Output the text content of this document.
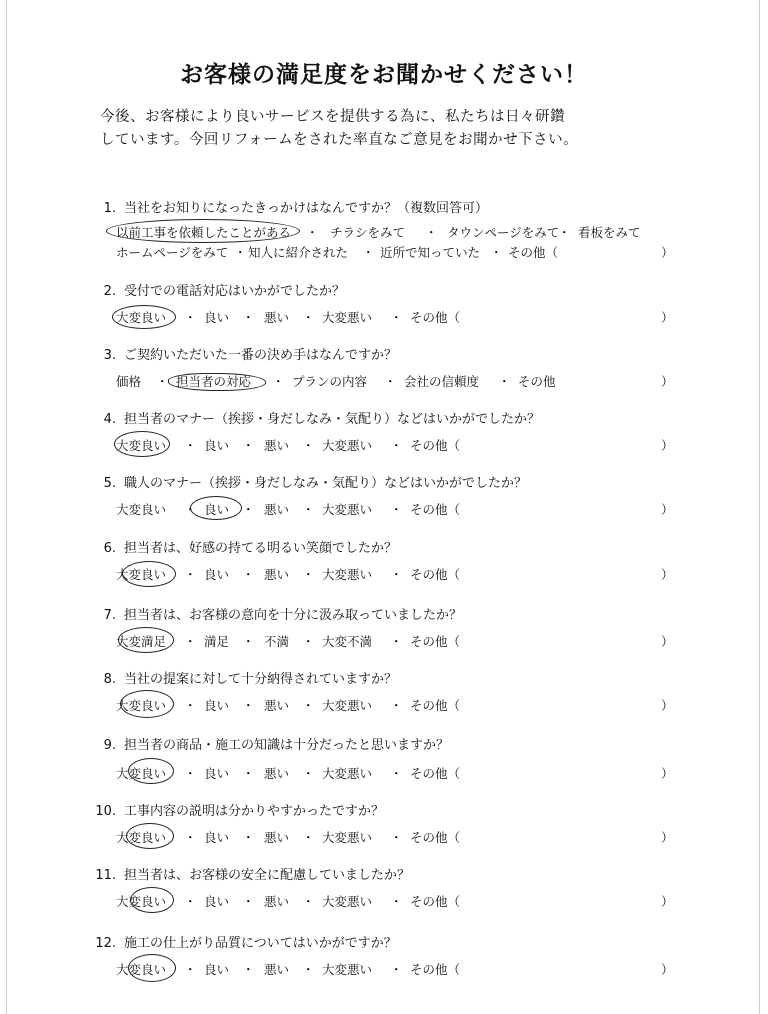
お客様の満足度をお聞かせください！
今後、お客様により良いサービスを提供する為に、私たちは日々研鑽
しています。今回リフォームをされた率直なご意見をお聞かせ下さい。
1. 当社をお知りになったきっかけはなんですか？（複数回答可）
以前工事を依頼したことがある ・ チラシをみて ・ タウンページをみて
・ 看板をみて
ホームページをみて ・ 知人に紹介された ・ 近所で知っていた ・ その他（	）
2. 受付での電話対応はいかがでしたか？
大変良い ・ 良い ・ 悪い ・ 大変悪い ・ その他（	）
3. ご契約いただいた一番の決め手はなんですか？
価格 ・ 担当者の対応 ・ プランの内容 ・ 会社の信頼度 ・ その他	）
4. 担当者のマナー（挨拶・身だしなみ・気配り）などはいかがでしたか？
大変良い ・ 良い ・ 悪い ・ 大変悪い ・ その他（	）
5. 職人のマナー（挨拶・身だしなみ・気配り）などはいかがでしたか？
大変良い ・ 良い ・ 悪い ・ 大変悪い ・ その他（	）
6. 担当者は、好感の持てる明るい笑顔でしたか？
大変良い ・ 良い ・ 悪い ・ 大変悪い ・ その他（	）
7. 担当者は、お客様の意向を十分に汲み取っていましたか？
大変満足 ・ 満足 ・ 不満 ・ 大変不満 ・ その他（	）
8. 当社の提案に対して十分納得されていますか？
大変良い ・ 良い ・ 悪い ・ 大変悪い ・ その他（	）
9. 担当者の商品・施工の知識は十分だったと思いますか？
大変良い ・ 良い ・ 悪い ・ 大変悪い ・ その他（	）
10. 工事内容の説明は分かりやすかったですか？
大変良い ・ 良い ・ 悪い ・ 大変悪い ・ その他（	）
11. 担当者は、お客様の安全に配慮していましたか？
大変良い ・ 良い ・ 悪い ・ 大変悪い ・ その他（	）
12. 施工の仕上がり品質についてはいかがですか？
大変良い ・ 良い ・ 悪い ・ 大変悪い ・ その他（	）
